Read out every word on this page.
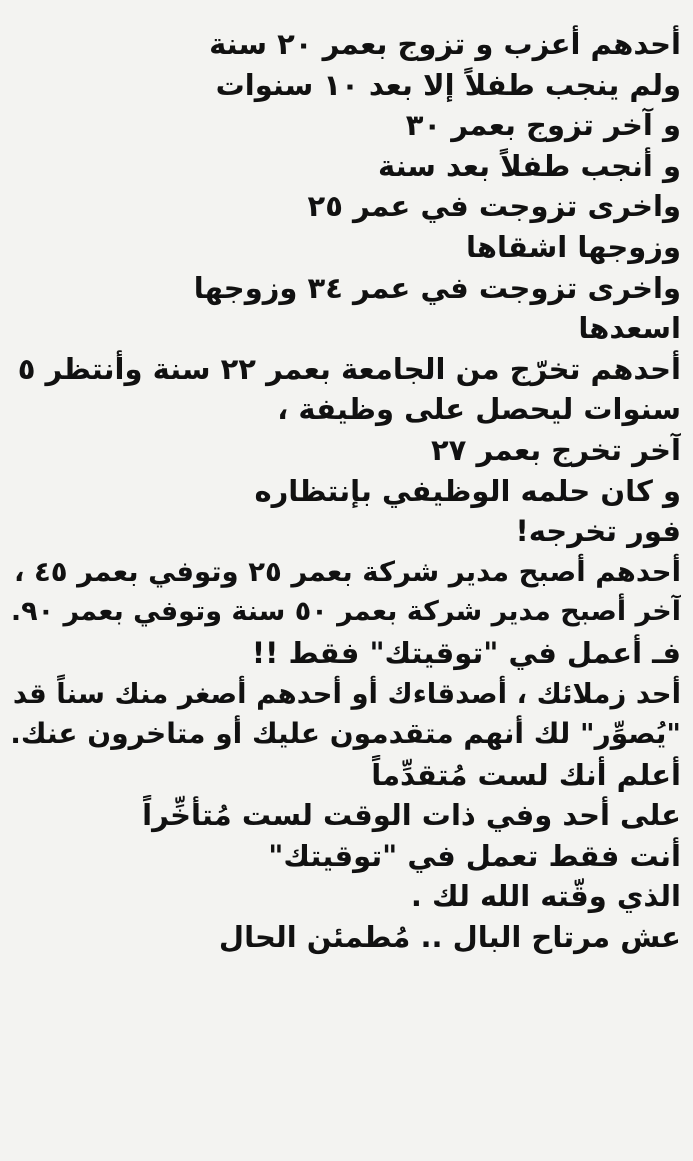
أحدهم أعزب و تزوج بعمر ٢٠ سنة
ولم ينجب طفلاً إلا بعد ١٠ سنوات
و آخر تزوج بعمر ٣٠
و أنجب طفلاً بعد سنة
واخرى تزوجت في عمر ٢٥
وزوجها اشقاها
واخرى تزوجت في عمر ٣٤ وزوجها
اسعدها
أحدهم تخرّج من الجامعة بعمر ٢٢ سنة وأنتظر ٥
سنوات ليحصل على وظيفة ،
آخر تخرج بعمر ٢٧
و كان حلمه الوظيفي بإنتظاره
فور تخرجه!
أحدهم أصبح مدير شركة بعمر ٢٥ وتوفي بعمر ٤٥ ،
آخر أصبح مدير شركة بعمر ٥٠ سنة وتوفي بعمر ٩٠.
فـ أعمل في "توقيتك" فقط !!
أحد زملائك ، أصدقاءك أو أحدهم أصغر منك سناً قد
"يُصوِّر" لك أنهم متقدمون عليك أو متاخرون عنك.
أعلم أنك لست مُتقدِّماً
على أحد وفي ذات الوقت لست مُتأخِّراً
أنت فقط تعمل في "توقيتك"
الذي وقّته الله لك .
عش مرتاح البال .. مُطمئن الحال
